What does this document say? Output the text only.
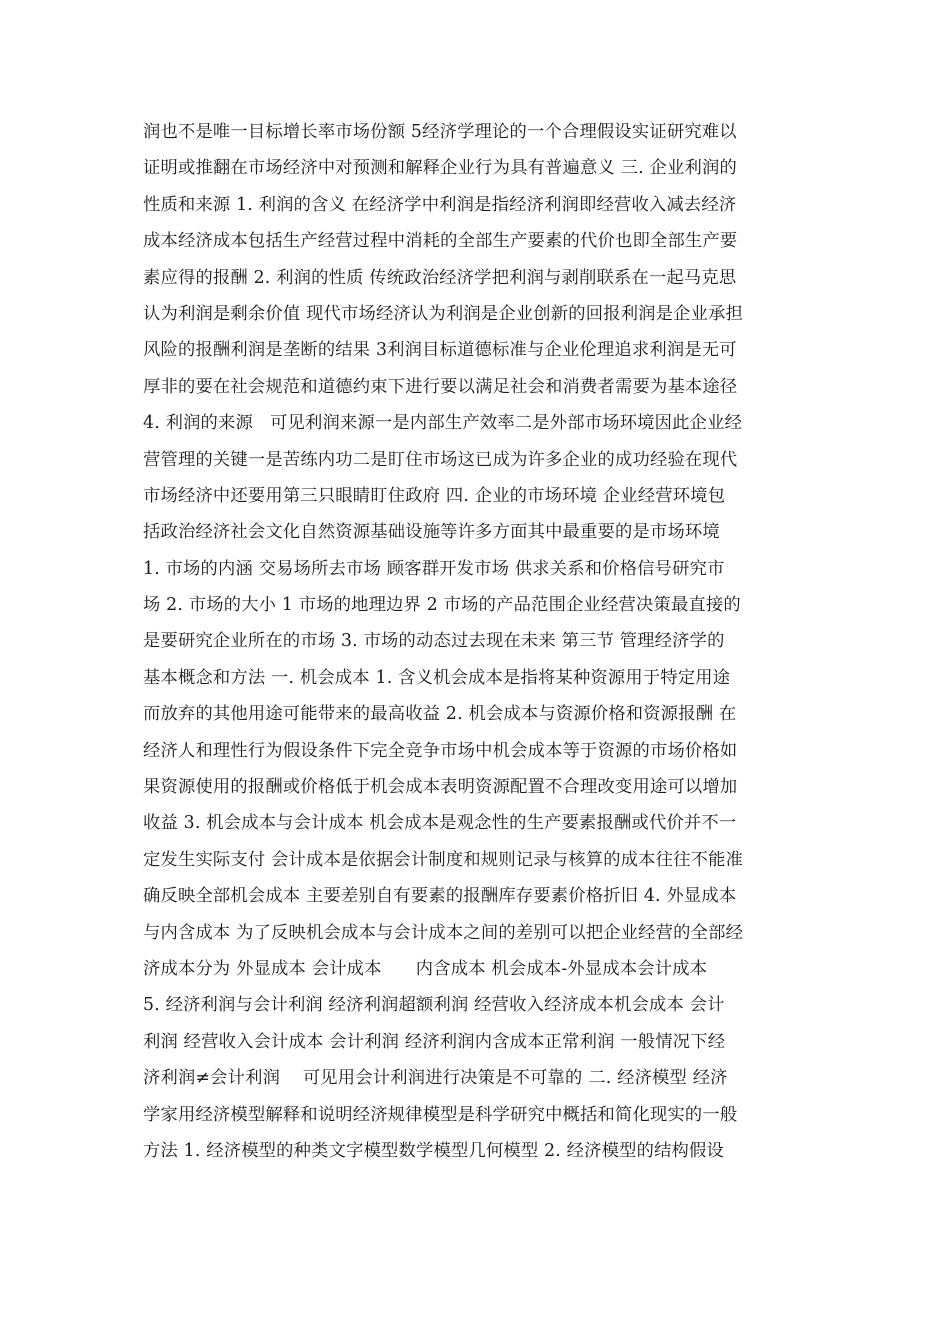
润也不是唯一目标增长率市场份额 5经济学理论的一个合理假设实证研究难以
证明或推翻在市场经济中对预测和解释企业行为具有普遍意义 三. 企业利润的
性质和来源 1. 利润的含义 在经济学中利润是指经济利润即经营收入减去经济
成本经济成本包括生产经营过程中消耗的全部生产要素的代价也即全部生产要
素应得的报酬 2. 利润的性质 传统政治经济学把利润与剥削联系在一起马克思
认为利润是剩余价值 现代市场经济认为利润是企业创新的回报利润是企业承担
风险的报酬利润是垄断的结果 3利润目标道德标准与企业伦理追求利润是无可
厚非的要在社会规范和道德约束下进行要以满足社会和消费者需要为基本途径
4. 利润的来源   可见利润来源一是内部生产效率二是外部市场环境因此企业经
营管理的关键一是苦练内功二是盯住市场这已成为许多企业的成功经验在现代
市场经济中还要用第三只眼睛盯住政府 四. 企业的市场环境 企业经营环境包
括政治经济社会文化自然资源基础设施等许多方面其中最重要的是市场环境
1. 市场的内涵 交易场所去市场 顾客群开发市场 供求关系和价格信号研究市
场 2. 市场的大小 1 市场的地理边界 2 市场的产品范围企业经营决策最直接的
是要研究企业所在的市场 3. 市场的动态过去现在未来 第三节 管理经济学的
基本概念和方法 一. 机会成本 1. 含义机会成本是指将某种资源用于特定用途
而放弃的其他用途可能带来的最高收益 2. 机会成本与资源价格和资源报酬 在
经济人和理性行为假设条件下完全竞争市场中机会成本等于资源的市场价格如
果资源使用的报酬或价格低于机会成本表明资源配置不合理改变用途可以增加
收益 3. 机会成本与会计成本 机会成本是观念性的生产要素报酬或代价并不一
定发生实际支付 会计成本是依据会计制度和规则记录与核算的成本往往不能准
确反映全部机会成本 主要差别自有要素的报酬库存要素价格折旧 4. 外显成本
与内含成本 为了反映机会成本与会计成本之间的差别可以把企业经营的全部经
济成本分为 外显成本 会计成本      内含成本 机会成本-外显成本会计成本
5. 经济利润与会计利润 经济利润超额利润 经营收入经济成本机会成本 会计
利润 经营收入会计成本 会计利润 经济利润内含成本正常利润 一般情况下经
济利润≠会计利润    可见用会计利润进行决策是不可靠的 二. 经济模型 经济
学家用经济模型解释和说明经济规律模型是科学研究中概括和简化现实的一般
方法 1. 经济模型的种类文字模型数学模型几何模型 2. 经济模型的结构假设
